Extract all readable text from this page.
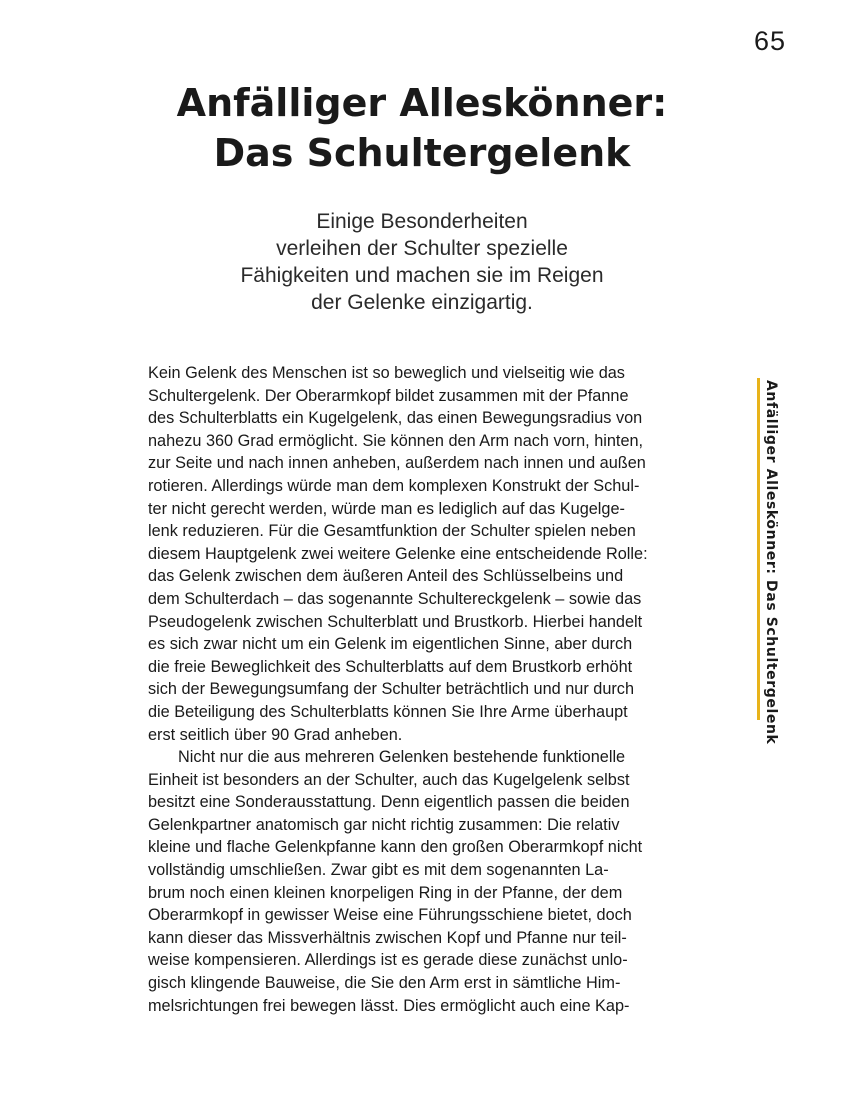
65
Anfälliger Alleskönner:
Das Schultergelenk

Einige Besonderheiten
verleihen der Schulter spezielle
Fähigkeiten und machen sie im Reigen
der Gelenke einzigartig.

Kein Gelenk des Menschen ist so beweglich und vielseitig wie das
Schultergelenk. Der Oberarmkopf bildet zusammen mit der Pfanne
des Schulterblatts ein Kugelgelenk, das einen Bewegungsradius von
nahezu 360 Grad ermöglicht. Sie können den Arm nach vorn, hinten,
zur Seite und nach innen anheben, außerdem nach innen und außen
rotieren. Allerdings würde man dem komplexen Konstrukt der Schul-
ter nicht gerecht werden, würde man es lediglich auf das Kugelge-
lenk reduzieren. Für die Gesamtfunktion der Schulter spielen neben
diesem Hauptgelenk zwei weitere Gelenke eine entscheidende Rolle:
das Gelenk zwischen dem äußeren Anteil des Schlüsselbeins und
dem Schulterdach – das sogenannte Schultereckgelenk – sowie das
Pseudogelenk zwischen Schulterblatt und Brustkorb. Hierbei handelt
es sich zwar nicht um ein Gelenk im eigentlichen Sinne, aber durch
die freie Beweglichkeit des Schulterblatts auf dem Brustkorb erhöht
sich der Bewegungsumfang der Schulter beträchtlich und nur durch
die Beteiligung des Schulterblatts können Sie Ihre Arme überhaupt
erst seitlich über 90 Grad anheben.
Nicht nur die aus mehreren Gelenken bestehende funktionelle
Einheit ist besonders an der Schulter, auch das Kugelgelenk selbst
besitzt eine Sonderausstattung. Denn eigentlich passen die beiden
Gelenkpartner anatomisch gar nicht richtig zusammen: Die relativ
kleine und flache Gelenkpfanne kann den großen Oberarmkopf nicht
vollständig umschließen. Zwar gibt es mit dem sogenannten La-
brum noch einen kleinen knorpeligen Ring in der Pfanne, der dem
Oberarmkopf in gewisser Weise eine Führungsschiene bietet, doch
kann dieser das Missverhältnis zwischen Kopf und Pfanne nur teil-
weise kompensieren. Allerdings ist es gerade diese zunächst unlo-
gisch klingende Bauweise, die Sie den Arm erst in sämtliche Him-
melsrichtungen frei bewegen lässt. Dies ermöglicht auch eine Kap-
Anfälliger Alleskönner: Das Schultergelenk
